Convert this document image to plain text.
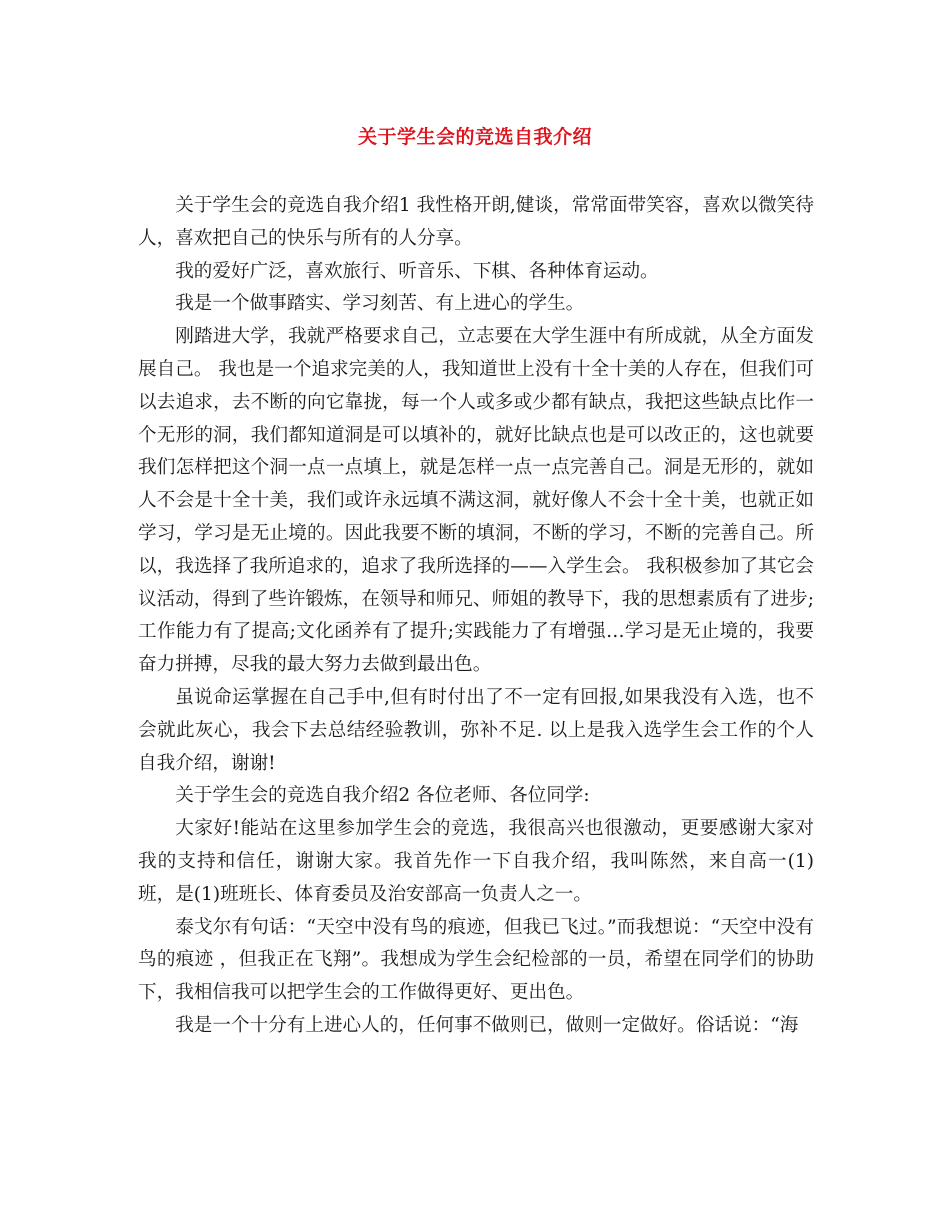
关于学生会的竞选自我介绍

关于学生会的竞选自我介绍1 我性格开朗,健谈，常常面带笑容，喜欢以微笑待人，喜欢把自己的快乐与所有的人分享。

我的爱好广泛，喜欢旅行、听音乐、下棋、各种体育运动。

我是一个做事踏实、学习刻苦、有上进心的学生。

刚踏进大学，我就严格要求自己，立志要在大学生涯中有所成就，从全方面发展自己。 我也是一个追求完美的人，我知道世上没有十全十美的人存在，但我们可以去追求，去不断的向它靠拢，每一个人或多或少都有缺点，我把这些缺点比作一个无形的洞，我们都知道洞是可以填补的，就好比缺点也是可以改正的，这也就要我们怎样把这个洞一点一点填上，就是怎样一点一点完善自己。洞是无形的，就如人不会是十全十美，我们或许永远填不满这洞，就好像人不会十全十美，也就正如学习，学习是无止境的。因此我要不断的填洞，不断的学习，不断的完善自己。所以，我选择了我所追求的，追求了我所选择的——入学生会。 我积极参加了其它会议活动，得到了些许锻炼，在领导和师兄、师姐的教导下，我的思想素质有了进步;工作能力有了提高;文化函养有了提升;实践能力了有增强…学习是无止境的，我要奋力拼搏，尽我的最大努力去做到最出色。

虽说命运掌握在自己手中,但有时付出了不一定有回报,如果我没有入选，也不会就此灰心，我会下去总结经验教训，弥补不足. 以上是我入选学生会工作的个人自我介绍，谢谢!

关于学生会的竞选自我介绍2 各位老师、各位同学:

大家好!能站在这里参加学生会的竞选，我很高兴也很激动，更要感谢大家对我的支持和信任，谢谢大家。我首先作一下自我介绍，我叫陈然，来自高一(1)班，是(1)班班长、体育委员及治安部高一负责人之一。

泰戈尔有句话：“天空中没有鸟的痕迹，但我已飞过。”而我想说：“天空中没有鸟的痕迹 ，但我正在飞翔”。我想成为学生会纪检部的一员，希望在同学们的协助下，我相信我可以把学生会的工作做得更好、更出色。

我是一个十分有上进心人的，任何事不做则已，做则一定做好。俗话说：“海
